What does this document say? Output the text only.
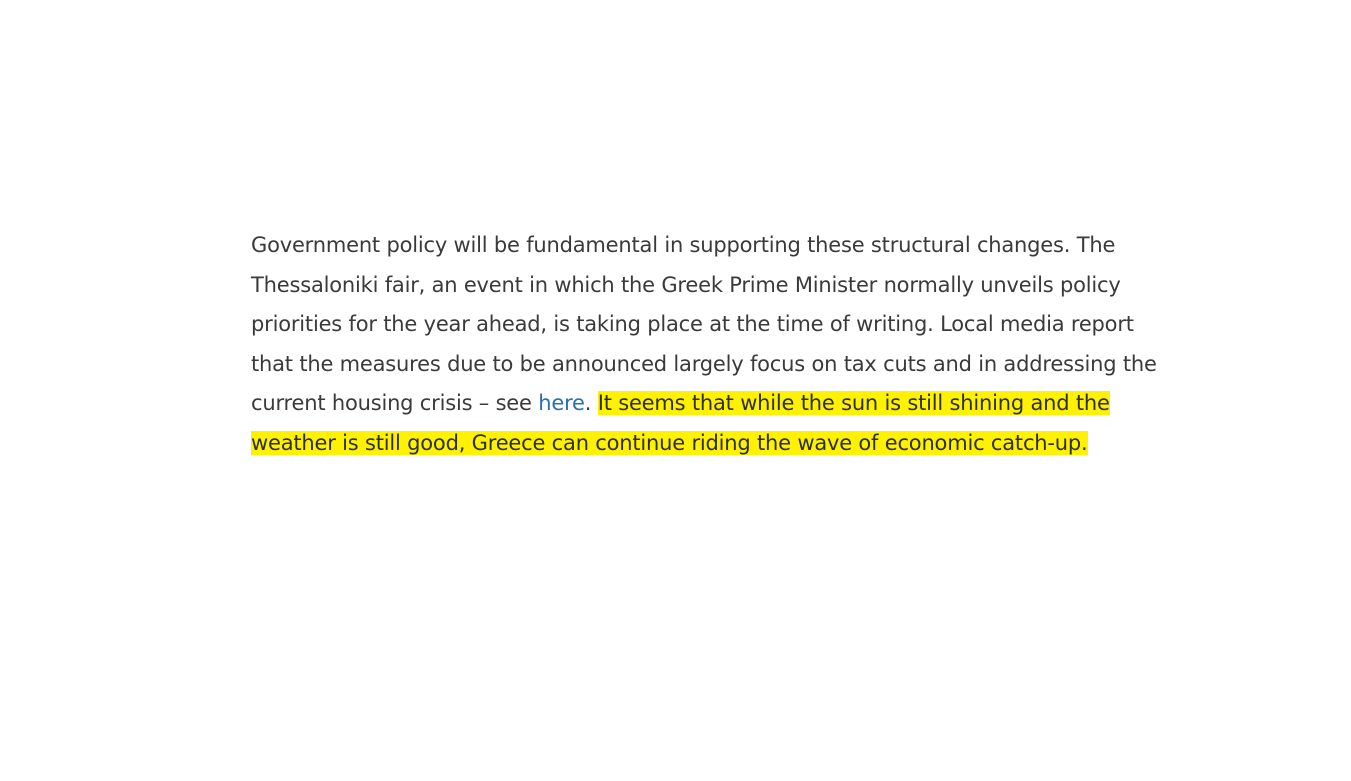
Government policy will be fundamental in supporting these structural changes. The Thessaloniki fair, an event in which the Greek Prime Minister normally unveils policy priorities for the year ahead, is taking place at the time of writing. Local media report that the measures due to be announced largely focus on tax cuts and in addressing the current housing crisis – see here. It seems that while the sun is still shining and the weather is still good, Greece can continue riding the wave of economic catch-up.
